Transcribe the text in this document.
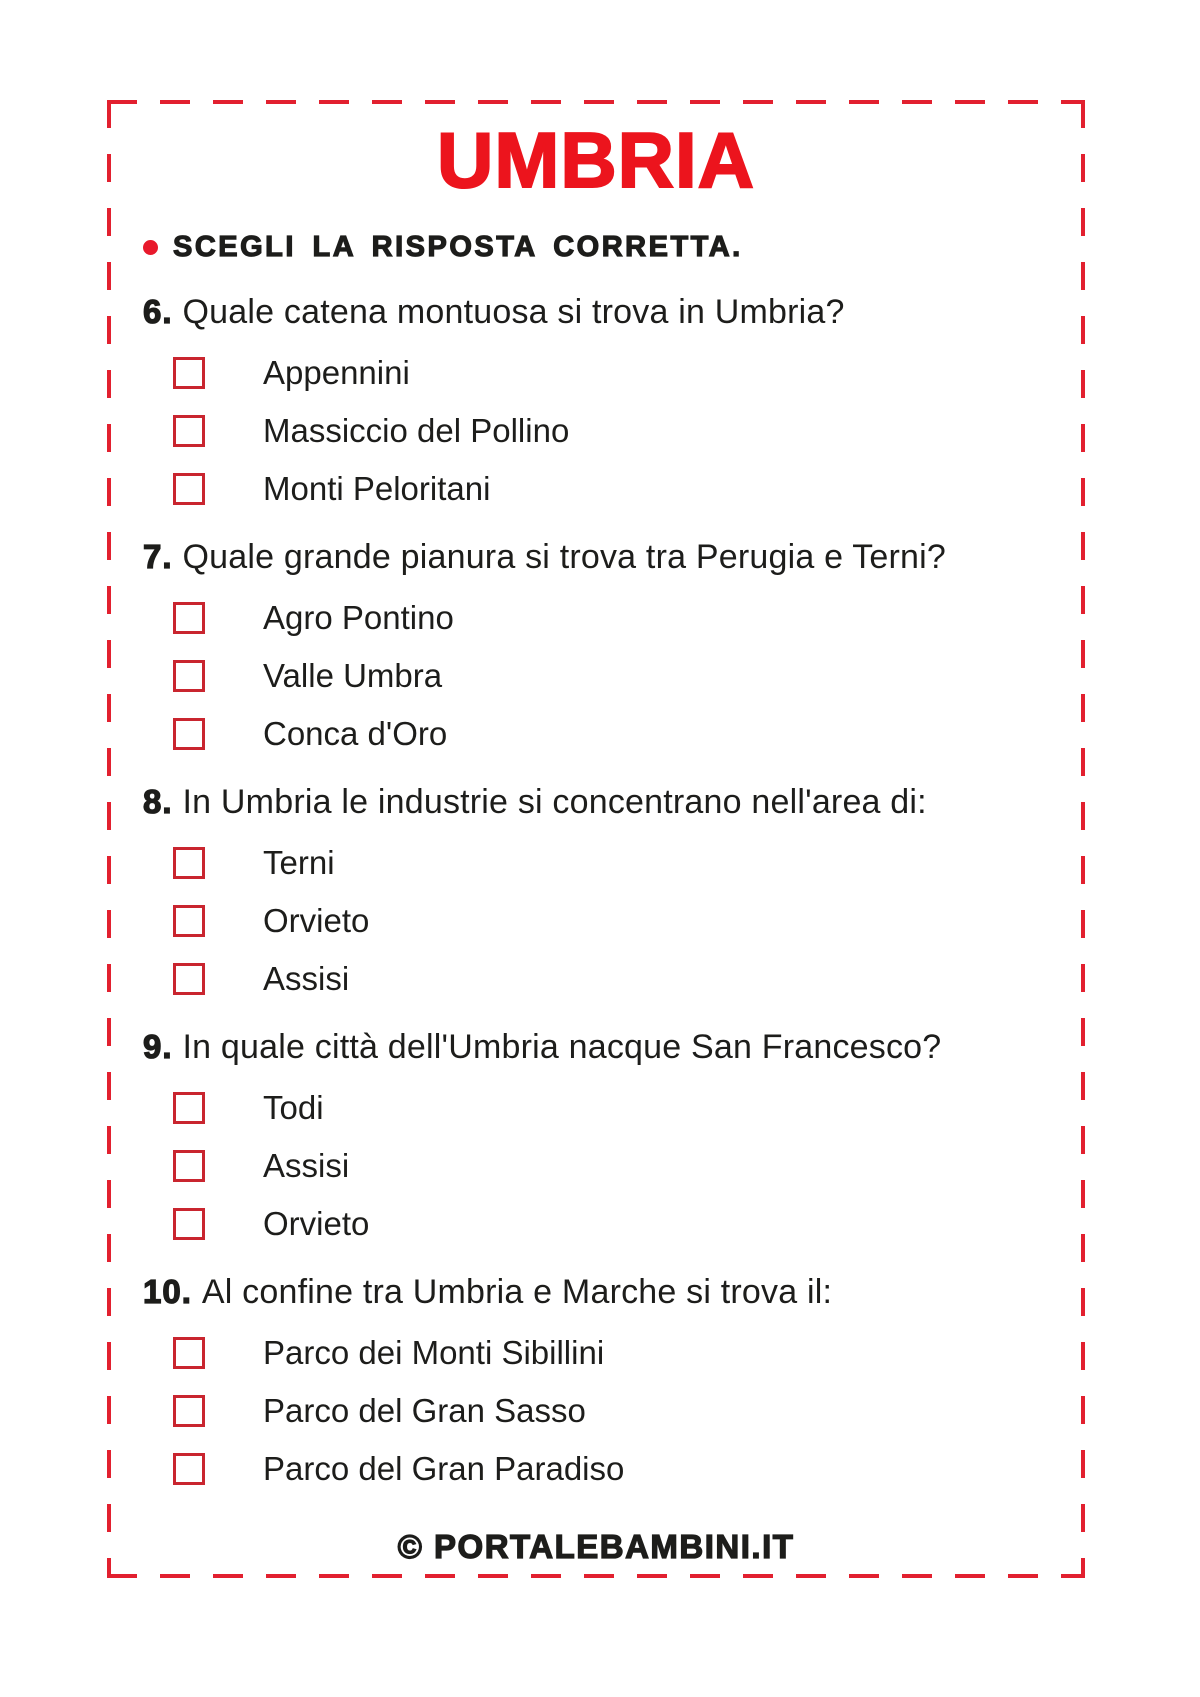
UMBRIA
SCEGLI LA RISPOSTA CORRETTA.

6. Quale catena montuosa si trova in Umbria?

Appennini
Massiccio del Pollino
Monti Peloritani

7. Quale grande pianura si trova tra Perugia e Terni?

Agro Pontino
Valle Umbra
Conca d'Oro

8. In Umbria le industrie si concentrano nell'area di:

Terni
Orvieto
Assisi

9. In quale città dell'Umbria nacque San Francesco?

Todi
Assisi
Orvieto

10. Al confine tra Umbria e Marche si trova il:

Parco dei Monti Sibillini
Parco del Gran Sasso
Parco del Gran Paradiso
© PORTALEBAMBINI.IT
